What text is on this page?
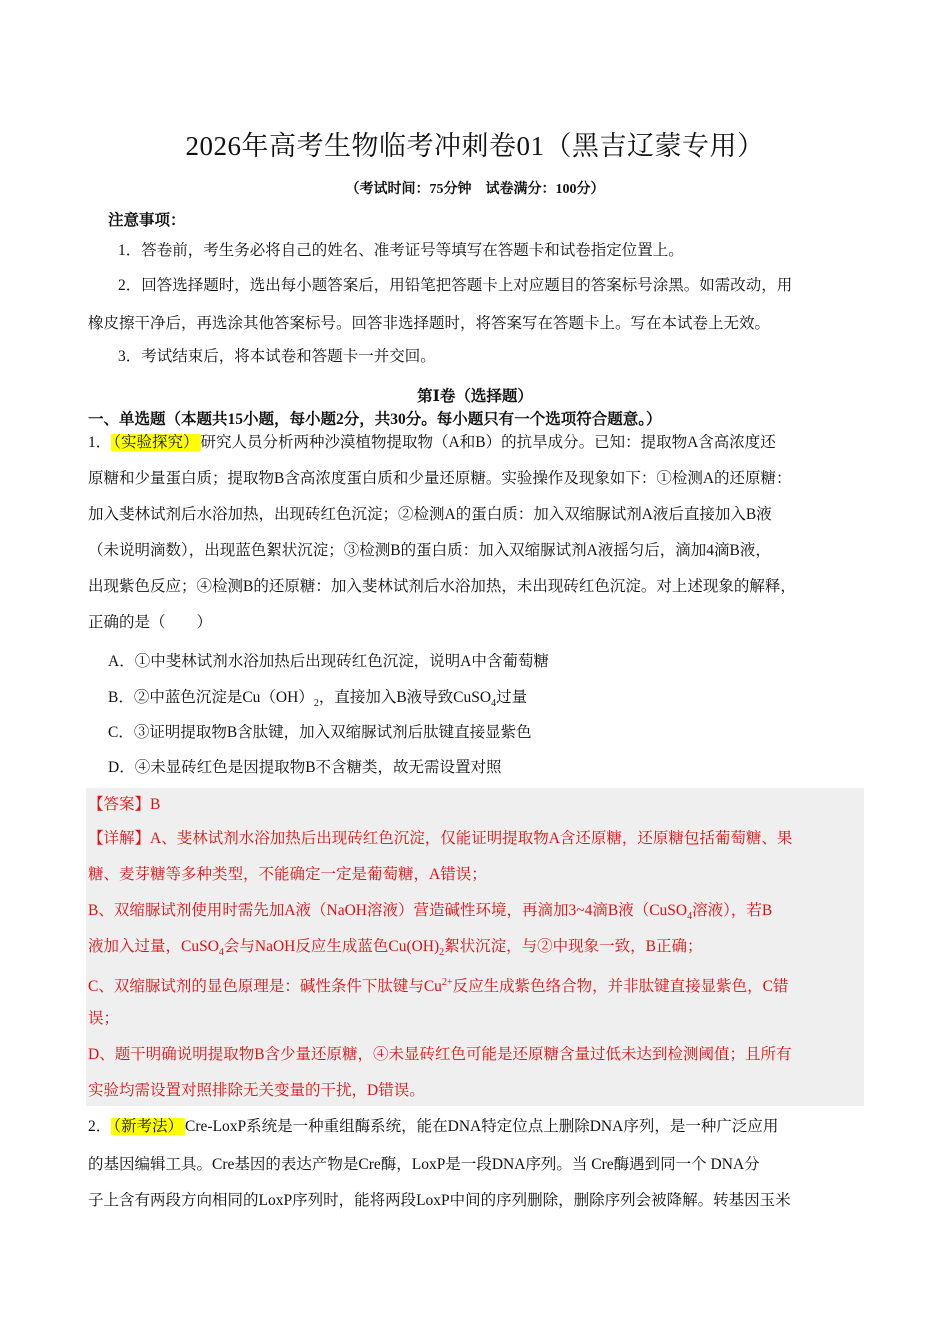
2026年高考生物临考冲刺卷01（黑吉辽蒙专用）
（考试时间：75分钟　试卷满分：100分）
注意事项：
1．答卷前，考生务必将自己的姓名、准考证号等填写在答题卡和试卷指定位置上。
2．回答选择题时，选出每小题答案后，用铅笔把答题卡上对应题目的答案标号涂黑。如需改动，用
橡皮擦干净后，再选涂其他答案标号。回答非选择题时，将答案写在答题卡上。写在本试卷上无效。
3．考试结束后，将本试卷和答题卡一并交回。
第Ⅰ卷（选择题）
一、单选题（本题共15小题，每小题2分，共30分。每小题只有一个选项符合题意。）
1． （实验探究） 研究人员分析两种沙漠植物提取物（A和B）的抗旱成分。已知：提取物A含高浓度还
原糖和少量蛋白质；提取物B含高浓度蛋白质和少量还原糖。实验操作及现象如下：①检测A的还原糖：
加入斐林试剂后水浴加热，出现砖红色沉淀；②检测A的蛋白质：加入双缩脲试剂A液后直接加入B液
（未说明滴数），出现蓝色絮状沉淀；③检测B的蛋白质：加入双缩脲试剂A液摇匀后，滴加4滴B液，
出现紫色反应；④检测B的还原糖：加入斐林试剂后水浴加热，未出现砖红色沉淀。对上述现象的解释，
正确的是（　　）
A．①中斐林试剂水浴加热后出现砖红色沉淀，说明A中含葡萄糖
B．②中蓝色沉淀是$Cu(OH)_2$，直接加入B液导致CuSO$_4$过量
C．③证明提取物B含肽键，加入双缩脲试剂后肽键直接显紫色
D．④未显砖红色是因提取物B不含糖类，故无需设置对照
【答案】B
【详解】A、斐林试剂水浴加热后出现砖红色沉淀，仅能证明提取物A含还原糖，还原糖包括葡萄糖、果
糖、麦芽糖等多种类型，不能确定一定是葡萄糖，A错误；
B、双缩脲试剂使用时需先加A液（NaOH溶液）营造碱性环境，再滴加3~4滴B液（CuSO$_4$溶液），若B
液加入过量，CuSO$_4$会与NaOH反应生成蓝色$Cu(OH)_2$絮状沉淀，与②中现象一致，B正确；
C、双缩脲试剂的显色原理是：碱性条件下肽键与$Cu^{2+}$反应生成紫色络合物，并非肽键直接显紫色，C错
误；
D、题干明确说明提取物B含少量还原糖，④未显砖红色可能是还原糖含量过低未达到检测阈值；且所有
实验均需设置对照排除无关变量的干扰，D错误。
2． （新考法） Cre-LoxP系统是一种重组酶系统，能在DNA特定位点上删除DNA序列，是一种广泛应用
的基因编辑工具。Cre基因的表达产物是Cre酶，LoxP是一段DNA序列。当 Cre酶遇到同一个 DNA分
子上含有两段方向相同的LoxP序列时，能将两段LoxP中间的序列删除，删除序列会被降解。转基因玉米
